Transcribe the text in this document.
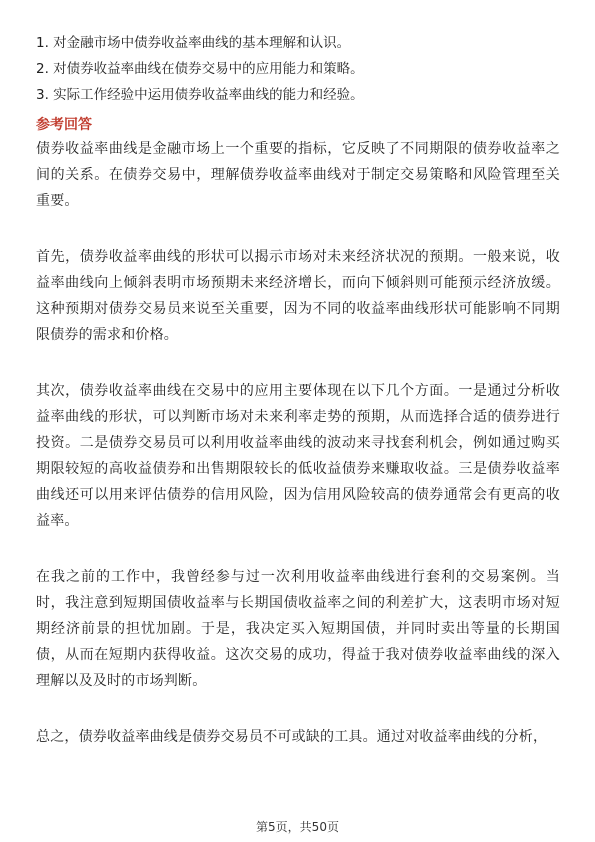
1. 对金融市场中债券收益率曲线的基本理解和认识。
2. 对债券收益率曲线在债券交易中的应用能力和策略。
3. 实际工作经验中运用债券收益率曲线的能力和经验。
参考回答

债券收益率曲线是金融市场上一个重要的指标，它反映了不同期限的债券收益率之间的关系。在债券交易中，理解债券收益率曲线对于制定交易策略和风险管理至关重要。

首先，债券收益率曲线的形状可以揭示市场对未来经济状况的预期。一般来说，收益率曲线向上倾斜表明市场预期未来经济增长，而向下倾斜则可能预示经济放缓。这种预期对债券交易员来说至关重要，因为不同的收益率曲线形状可能影响不同期限债券的需求和价格。

其次，债券收益率曲线在交易中的应用主要体现在以下几个方面。一是通过分析收益率曲线的形状，可以判断市场对未来利率走势的预期，从而选择合适的债券进行投资。二是债券交易员可以利用收益率曲线的波动来寻找套利机会，例如通过购买期限较短的高收益债券和出售期限较长的低收益债券来赚取收益。三是债券收益率曲线还可以用来评估债券的信用风险，因为信用风险较高的债券通常会有更高的收益率。

在我之前的工作中，我曾经参与过一次利用收益率曲线进行套利的交易案例。当时，我注意到短期国债收益率与长期国债收益率之间的利差扩大，这表明市场对短期经济前景的担忧加剧。于是，我决定买入短期国债，并同时卖出等量的长期国债，从而在短期内获得收益。这次交易的成功，得益于我对债券收益率曲线的深入理解以及及时的市场判断。

总之，债券收益率曲线是债券交易员不可或缺的工具。通过对收益率曲线的分析，

第5页，共50页
